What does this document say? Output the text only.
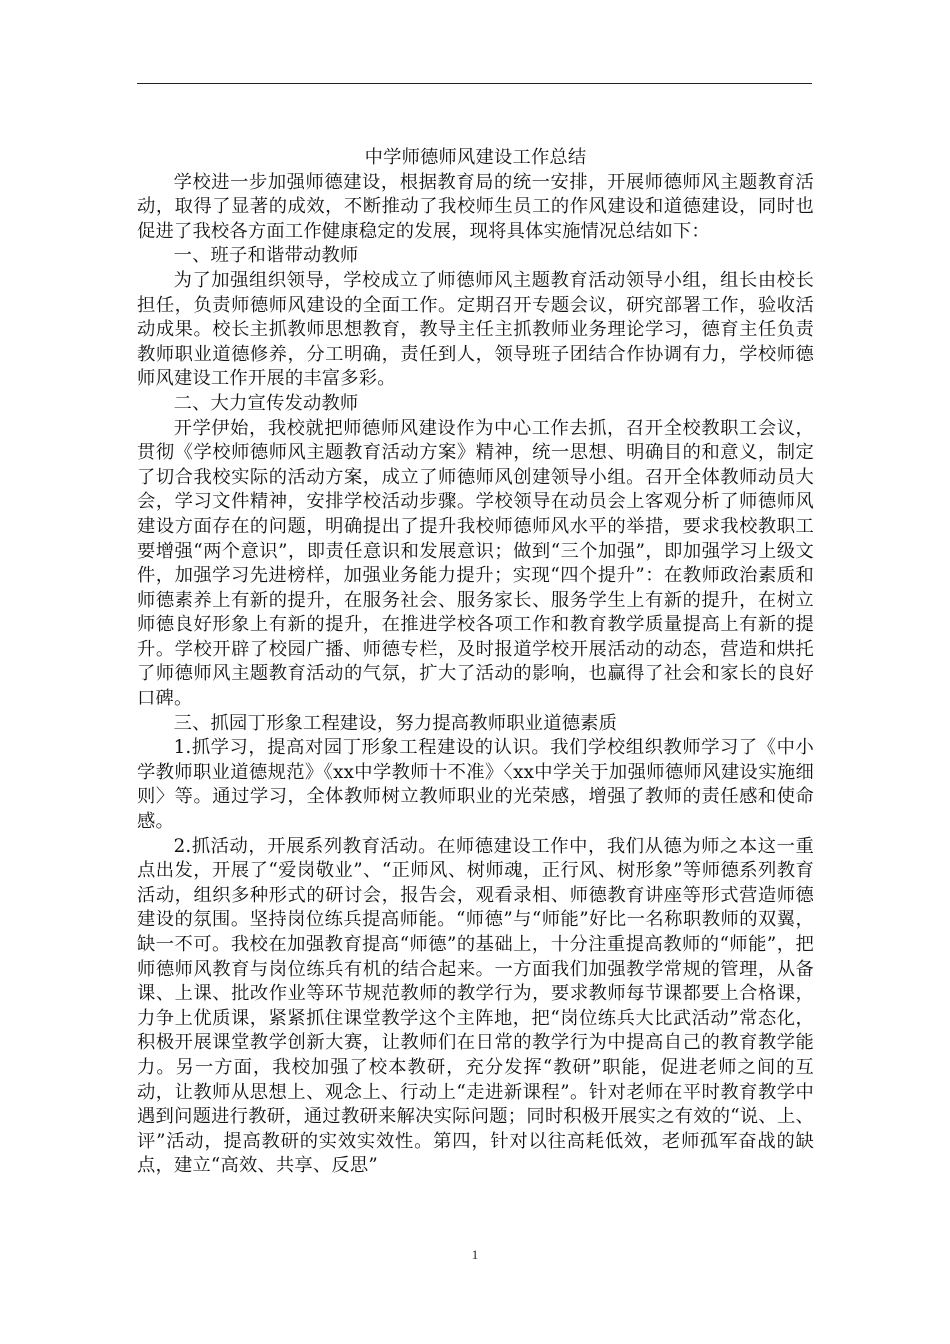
中学师德师风建设工作总结

学校进一步加强师德建设，根据教育局的统一安排，开展师德师风主题教育活动，取得了显著的成效，不断推动了我校师生员工的作风建设和道德建设，同时也促进了我校各方面工作健康稳定的发展，现将具体实施情况总结如下：

一、班子和谐带动教师

为了加强组织领导，学校成立了师德师风主题教育活动领导小组，组长由校长担任，负责师德师风建设的全面工作。定期召开专题会议，研究部署工作，验收活动成果。校长主抓教师思想教育，教导主任主抓教师业务理论学习，德育主任负责教师职业道德修养，分工明确，责任到人，领导班子团结合作协调有力，学校师德师风建设工作开展的丰富多彩。

二、大力宣传发动教师

开学伊始，我校就把师德师风建设作为中心工作去抓，召开全校教职工会议，贯彻《学校师德师风主题教育活动方案》精神，统一思想、明确目的和意义，制定了切合我校实际的活动方案，成立了师德师风创建领导小组。召开全体教师动员大会，学习文件精神，安排学校活动步骤。学校领导在动员会上客观分析了师德师风建设方面存在的问题，明确提出了提升我校师德师风水平的举措，要求我校教职工要增强“两个意识”，即责任意识和发展意识；做到“三个加强”，即加强学习上级文件，加强学习先进榜样，加强业务能力提升；实现“四个提升”：在教师政治素质和师德素养上有新的提升，在服务社会、服务家长、服务学生上有新的提升，在树立师德良好形象上有新的提升，在推进学校各项工作和教育教学质量提高上有新的提升。学校开辟了校园广播、师德专栏，及时报道学校开展活动的动态，营造和烘托了师德师风主题教育活动的气氛，扩大了活动的影响，也赢得了社会和家长的良好口碑。

三、抓园丁形象工程建设，努力提高教师职业道德素质

1.抓学习，提高对园丁形象工程建设的认识。我们学校组织教师学习了《中小学教师职业道德规范》《xx中学教师十不准》〈xx中学关于加强师德师风建设实施细则〉等。通过学习，全体教师树立教师职业的光荣感，增强了教师的责任感和使命感。

2.抓活动，开展系列教育活动。在师德建设工作中，我们从德为师之本这一重点出发，开展了“爱岗敬业”、“正师风、树师魂，正行风、树形象”等师德系列教育活动，组织多种形式的研讨会，报告会，观看录相、师德教育讲座等形式营造师德建设的氛围。坚持岗位练兵提高师能。“师德”与“师能”好比一名称职教师的双翼，缺一不可。我校在加强教育提高“师德”的基础上，十分注重提高教师的“师能”，把师德师风教育与岗位练兵有机的结合起来。一方面我们加强教学常规的管理，从备课、上课、批改作业等环节规范教师的教学行为，要求教师每节课都要上合格课，力争上优质课，紧紧抓住课堂教学这个主阵地，把“岗位练兵大比武活动”常态化，积极开展课堂教学创新大赛，让教师们在日常的教学行为中提高自己的教育教学能力。另一方面，我校加强了校本教研，充分发挥“教研”职能，促进老师之间的互动，让教师从思想上、观念上、行动上“走进新课程”。针对老师在平时教育教学中遇到问题进行教研，通过教研来解决实际问题；同时积极开展实之有效的“说、上、评”活动，提高教研的实效实效性。第四，针对以往高耗低效，老师孤军奋战的缺点，建立“高效、共享、反思”

1
